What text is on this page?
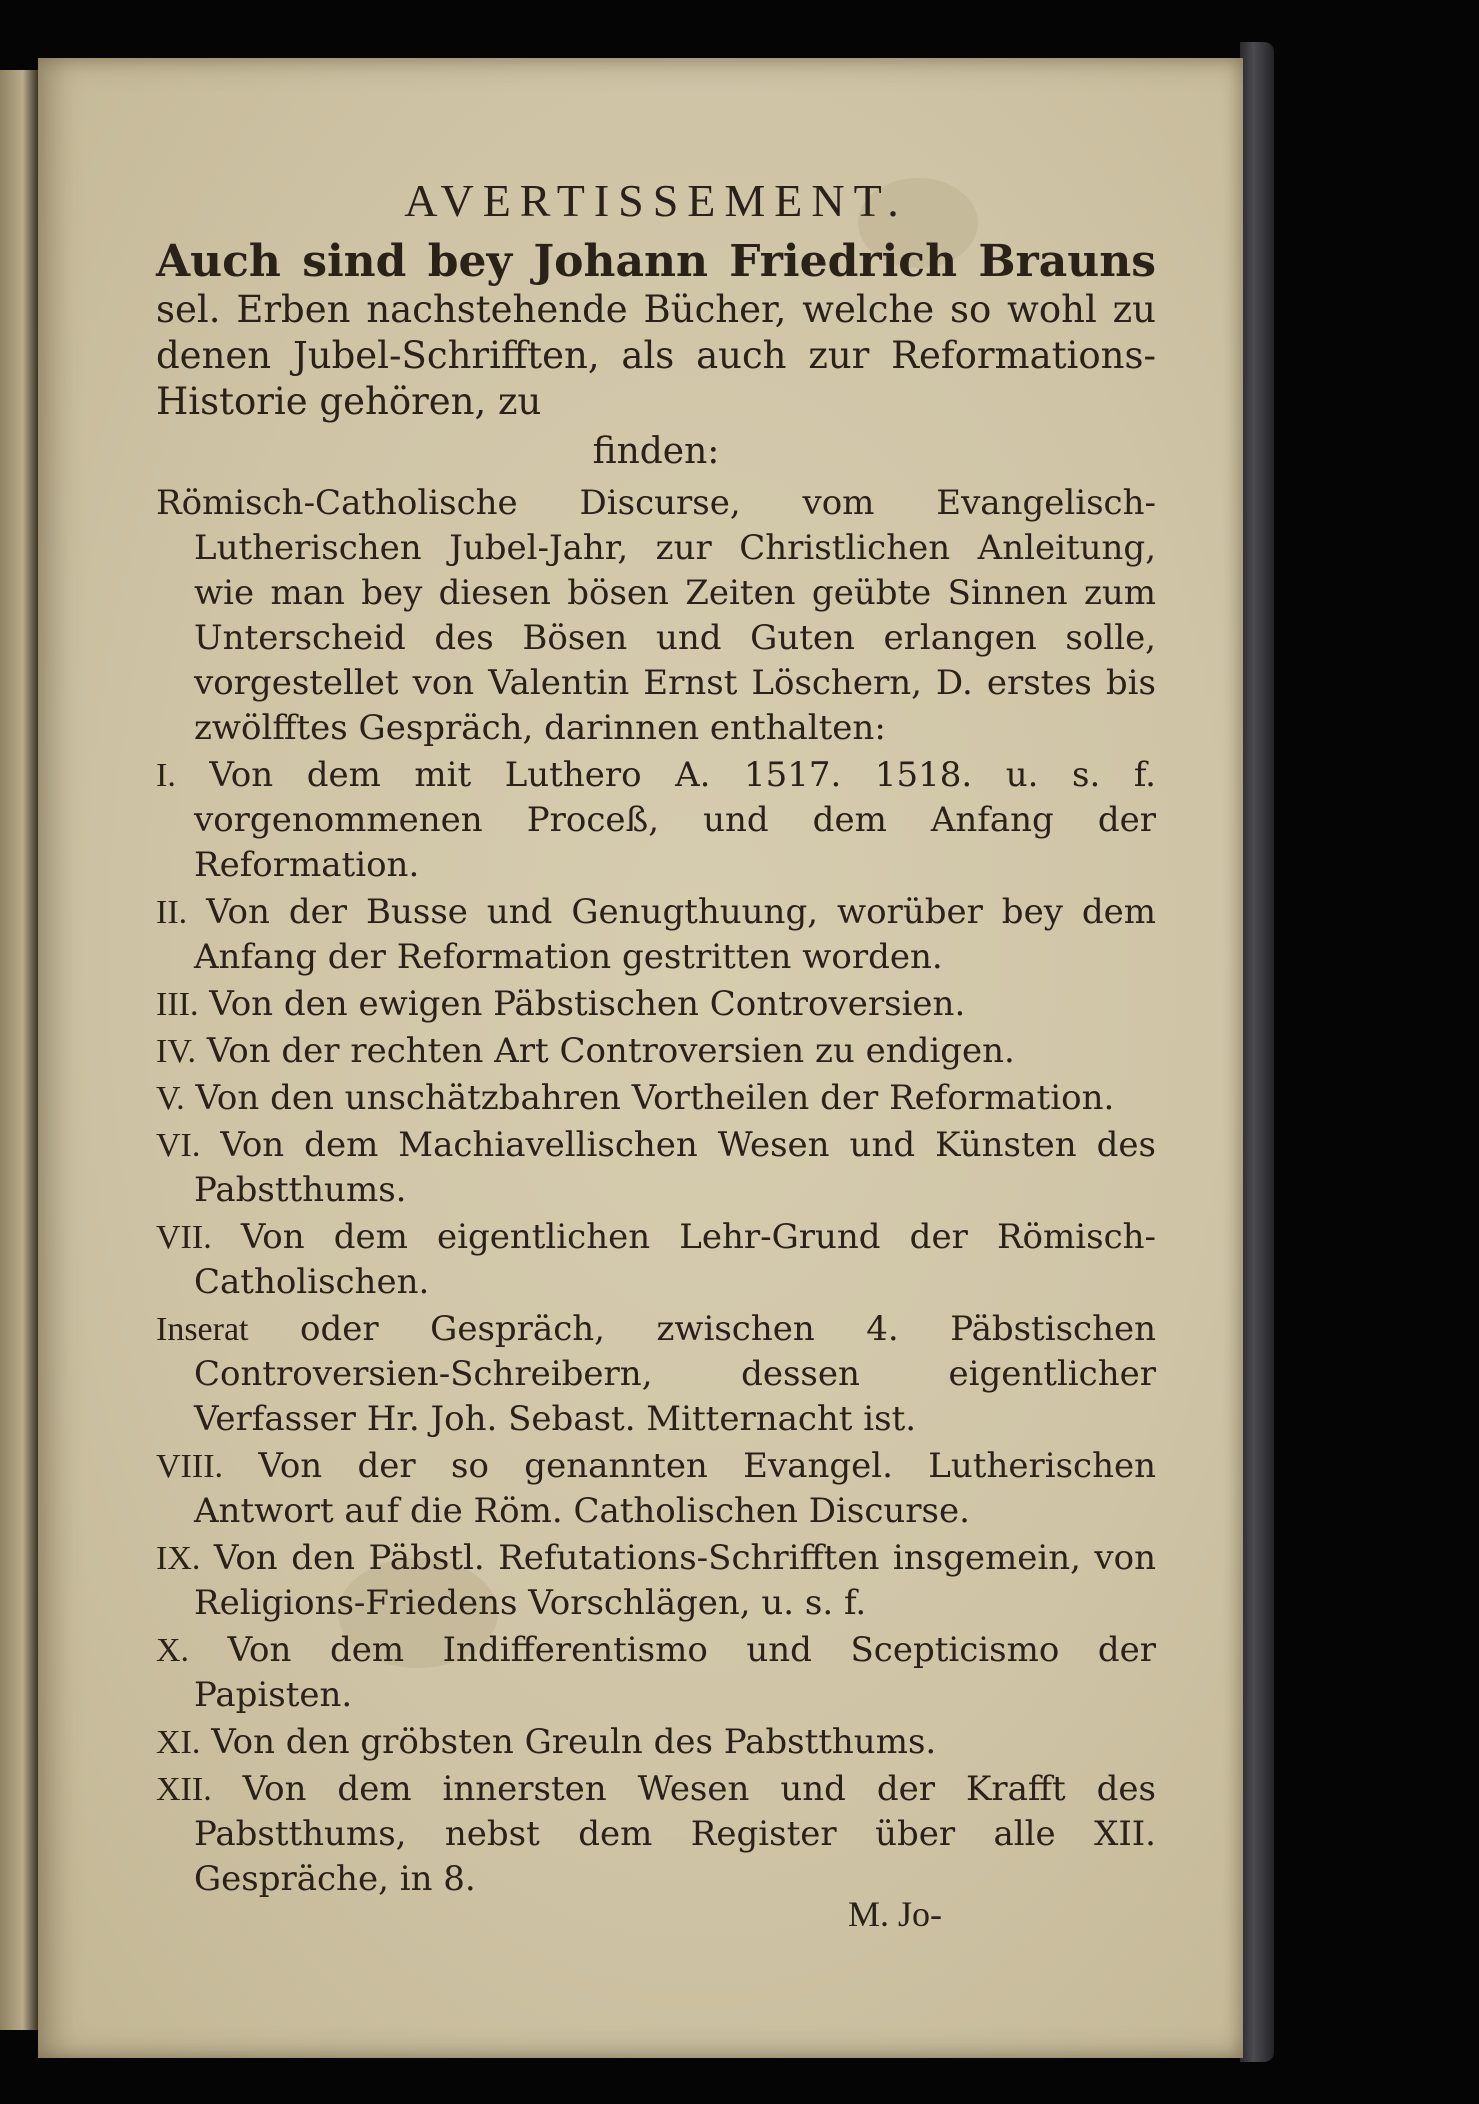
AVERTISSEMENT.

Auch sind bey Johann Friedrich Brauns sel. Erben nachstehende Bücher, welche so wohl zu denen Jubel-Schrifften, als auch zur Reformations-Historie gehören, zu

finden:

Römisch-Catholische Discurse, vom Evangelisch-Lutherischen Jubel-Jahr, zur Christlichen Anleitung, wie man bey diesen bösen Zeiten geübte Sinnen zum Unterscheid des Bösen und Guten erlangen solle, vorgestellet von Valentin Ernst Löschern, D. erstes bis zwölfftes Gespräch, darinnen enthalten:

I. Von dem mit Luthero A. 1517. 1518. u. s. f. vorgenommenen Proceß, und dem Anfang der Reformation.

II. Von der Busse und Genugthuung, worüber bey dem Anfang der Reformation gestritten worden.

III. Von den ewigen Päbstischen Controversien.

IV. Von der rechten Art Controversien zu endigen.

V. Von den unschätzbahren Vortheilen der Reformation.

VI. Von dem Machiavellischen Wesen und Künsten des Pabstthums.

VII. Von dem eigentlichen Lehr-Grund der Römisch-Catholischen.

Inserat oder Gespräch, zwischen 4. Päbstischen Controversien-Schreibern, dessen eigentlicher Verfasser Hr. Joh. Sebast. Mitternacht ist.

VIII. Von der so genannten Evangel. Lutherischen Antwort auf die Röm. Catholischen Discurse.

IX. Von den Päbstl. Refutations-Schrifften insgemein, von Religions-Friedens Vorschlägen, u. s. f.

X. Von dem Indifferentismo und Scepticismo der Papisten.

XI. Von den gröbsten Greuln des Pabstthums.

XII. Von dem innersten Wesen und der Krafft des Pabstthums, nebst dem Register über alle XII. Gespräche, in 8.

M. Jo-
